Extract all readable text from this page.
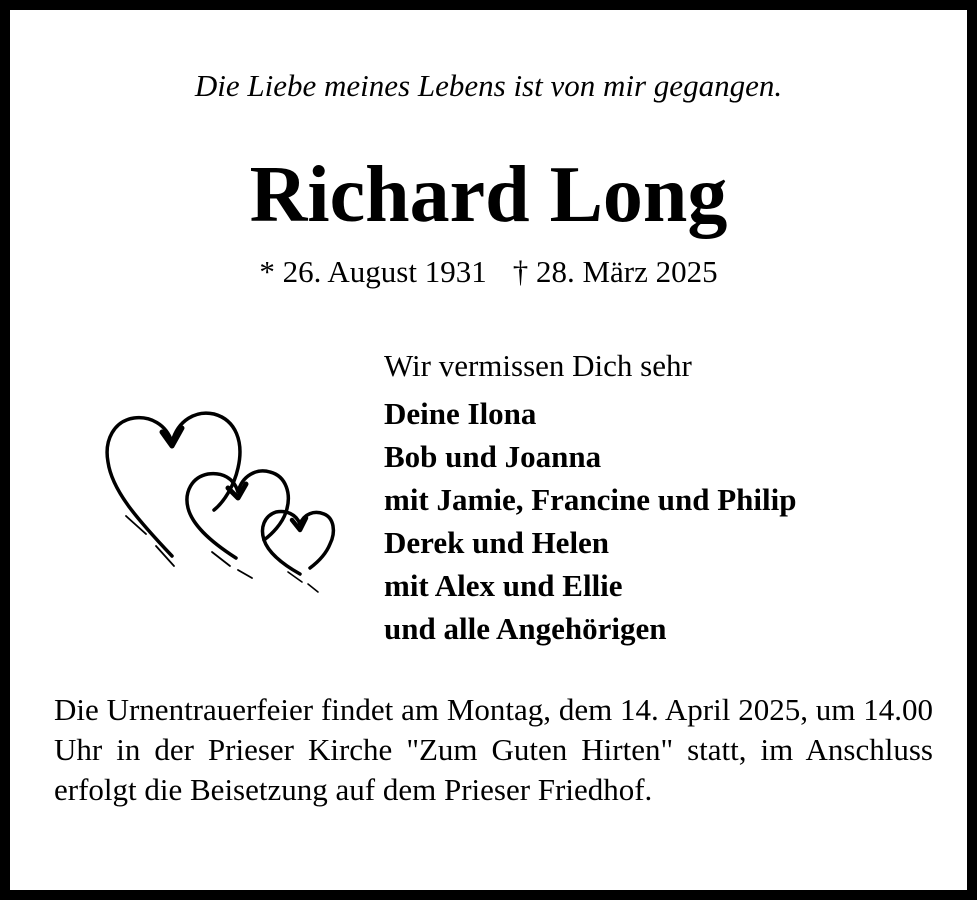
Die Liebe meines Lebens ist von mir gegangen.
Richard Long
* 26. August 1931 † 28. März 2025
Wir vermissen Dich sehr
Deine Ilona
Bob und Joanna
mit Jamie, Francine und Philip
Derek und Helen
mit Alex und Ellie
und alle Angehörigen
Die Urnentrauerfeier findet am Montag, dem 14. April 2025, um 14.00 Uhr in der Prieser Kirche "Zum Guten Hirten" statt, im Anschluss erfolgt die Beisetzung auf dem Prieser Friedhof.
